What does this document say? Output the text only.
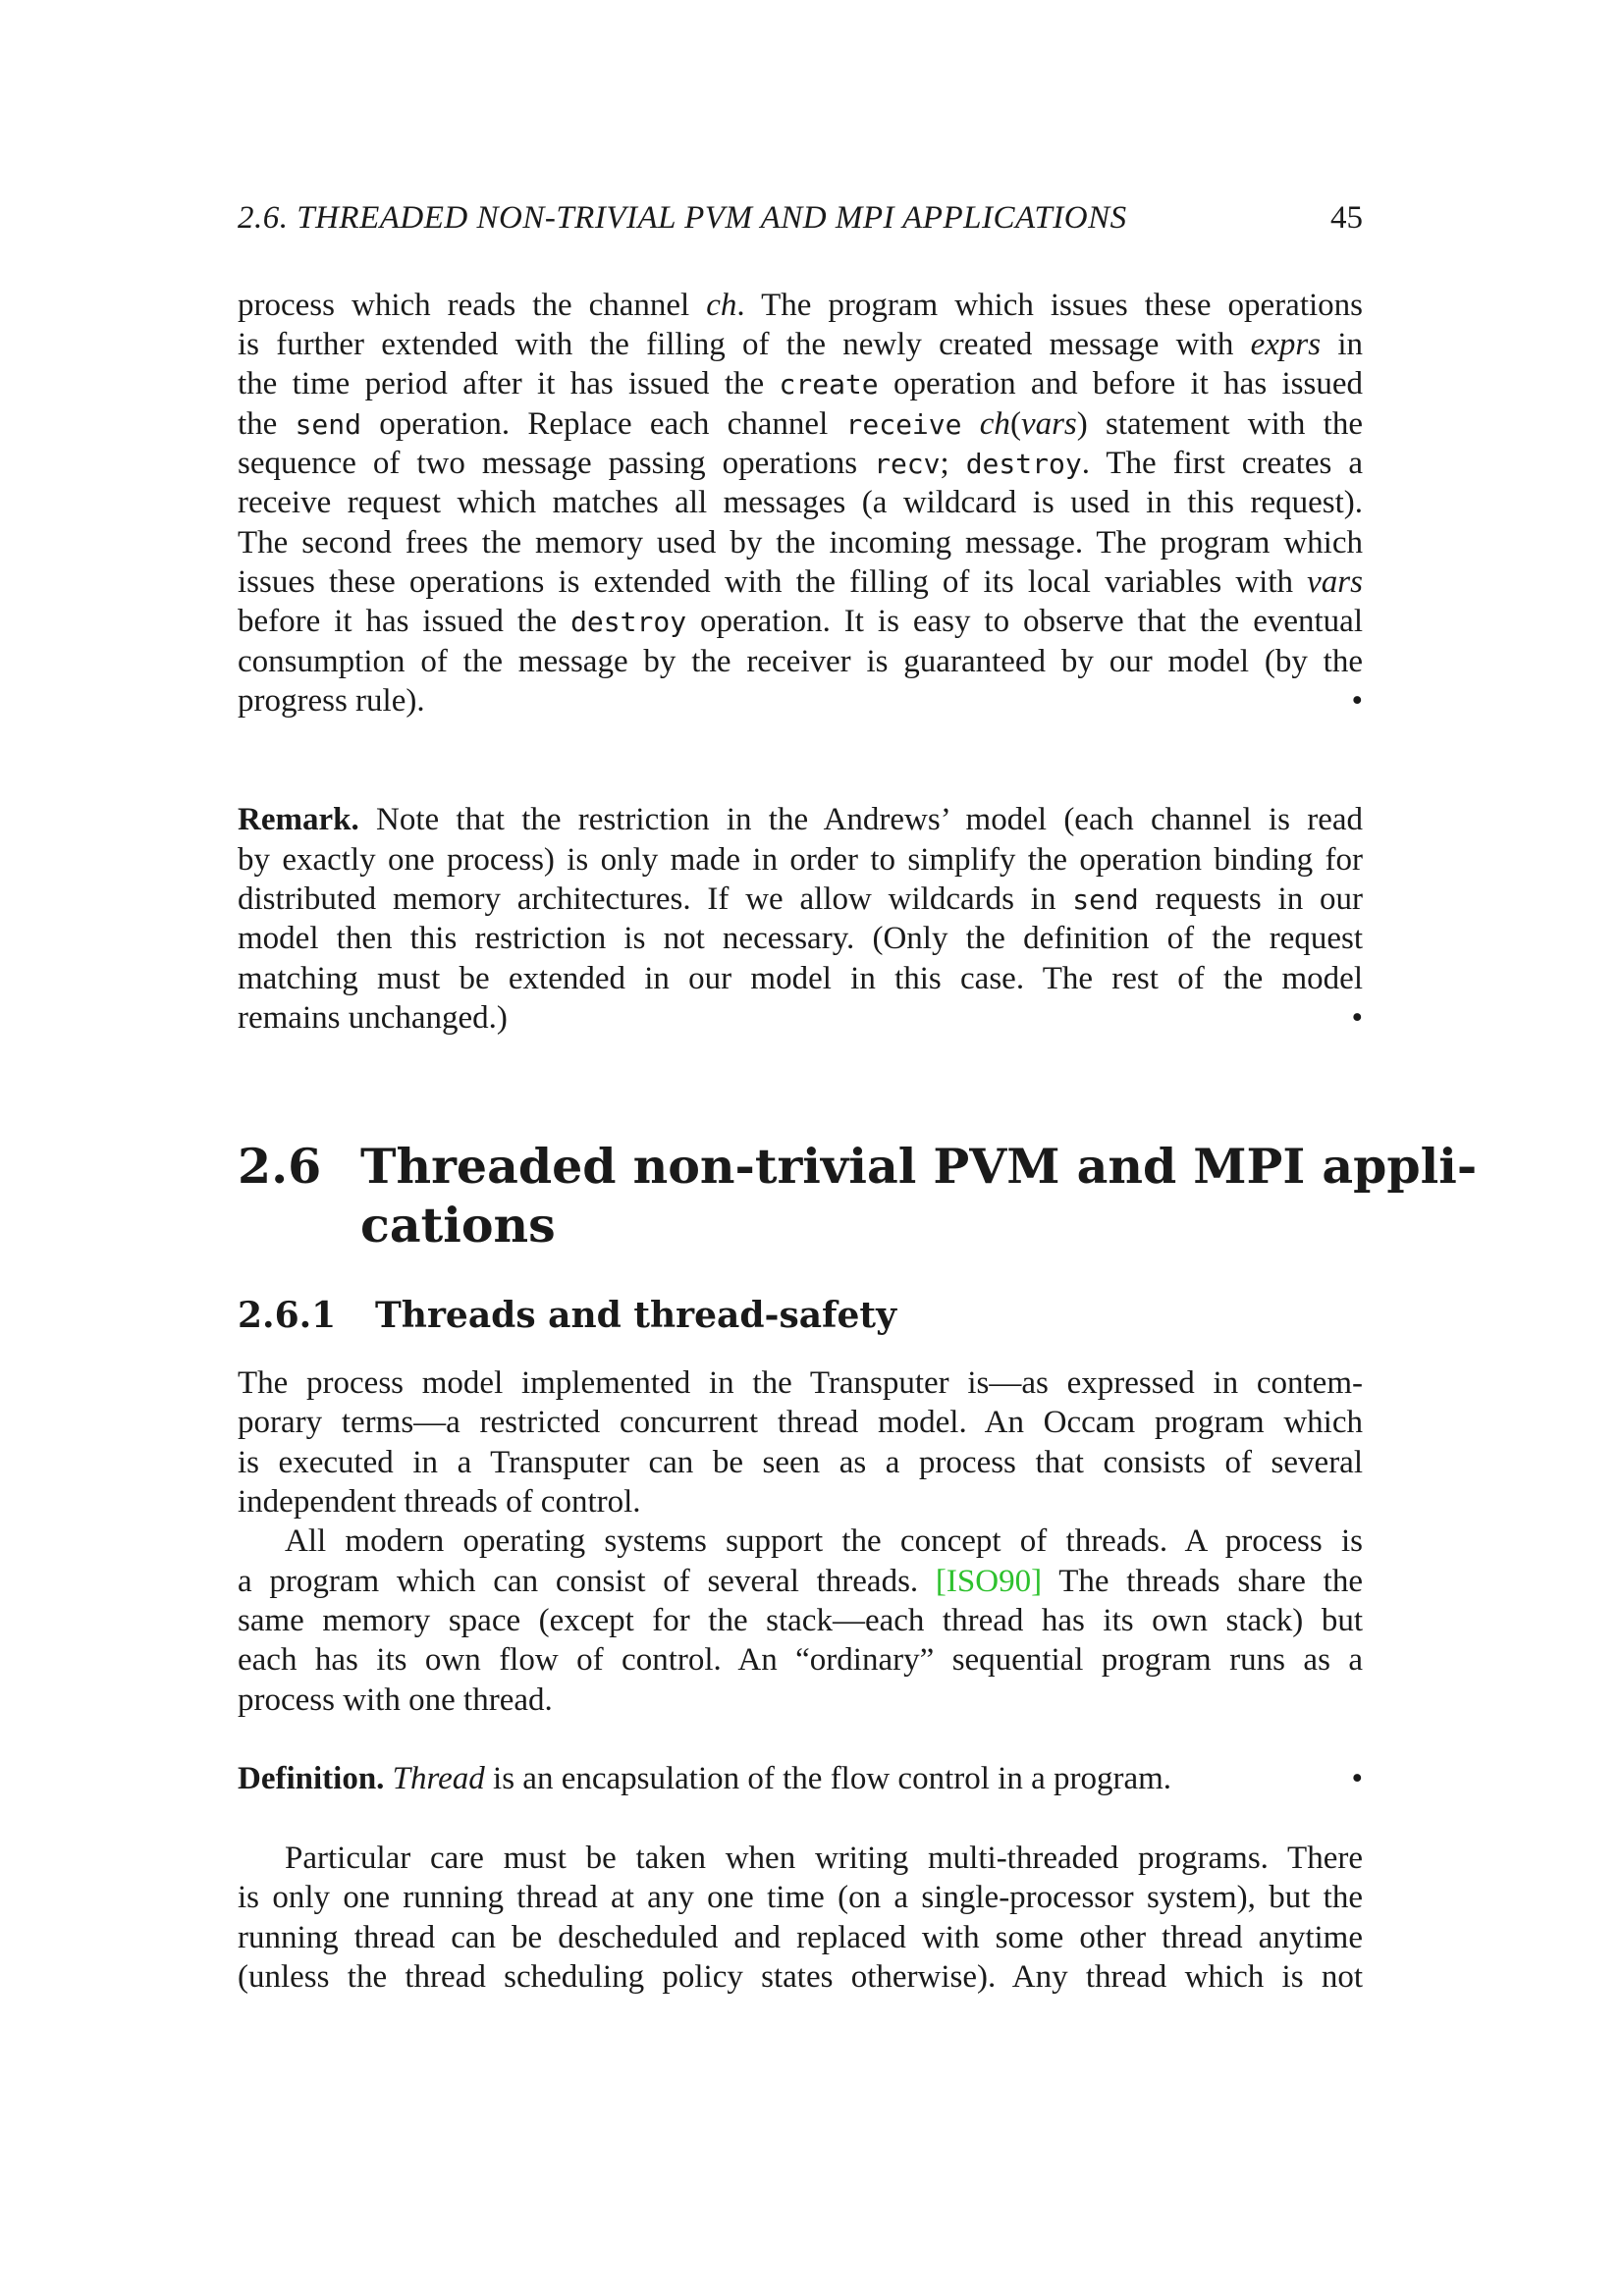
2.6. THREADED NON-TRIVIAL PVM AND MPI APPLICATIONS	45
process which reads the channel ch. The program which issues these operations
is further extended with the filling of the newly created message with exprs in
the time period after it has issued the create operation and before it has issued
the send operation. Replace each channel receive ch(vars) statement with the
sequence of two message passing operations recv; destroy. The first creates a
receive request which matches all messages (a wildcard is used in this request).
The second frees the memory used by the incoming message. The program which
issues these operations is extended with the filling of its local variables with vars
before it has issued the destroy operation. It is easy to observe that the eventual
consumption of the message by the receiver is guaranteed by our model (by the
progress rule).	•
Remark. Note that the restriction in the Andrews’ model (each channel is read
by exactly one process) is only made in order to simplify the operation binding for
distributed memory architectures. If we allow wildcards in send requests in our
model then this restriction is not necessary. (Only the definition of the request
matching must be extended in our model in this case. The rest of the model
remains unchanged.)	•
2.6 Threaded non-trivial PVM and MPI appli-
cations
2.6.1 Threads and thread-safety
The process model implemented in the Transputer is—as expressed in contem-
porary terms—a restricted concurrent thread model. An Occam program which
is executed in a Transputer can be seen as a process that consists of several
independent threads of control.
All modern operating systems support the concept of threads. A process is
a program which can consist of several threads. [ISO90] The threads share the
same memory space (except for the stack—each thread has its own stack) but
each has its own flow of control. An “ordinary” sequential program runs as a
process with one thread.
Definition. Thread is an encapsulation of the flow control in a program.	•
Particular care must be taken when writing multi-threaded programs. There
is only one running thread at any one time (on a single-processor system), but the
running thread can be descheduled and replaced with some other thread anytime
(unless the thread scheduling policy states otherwise). Any thread which is not
